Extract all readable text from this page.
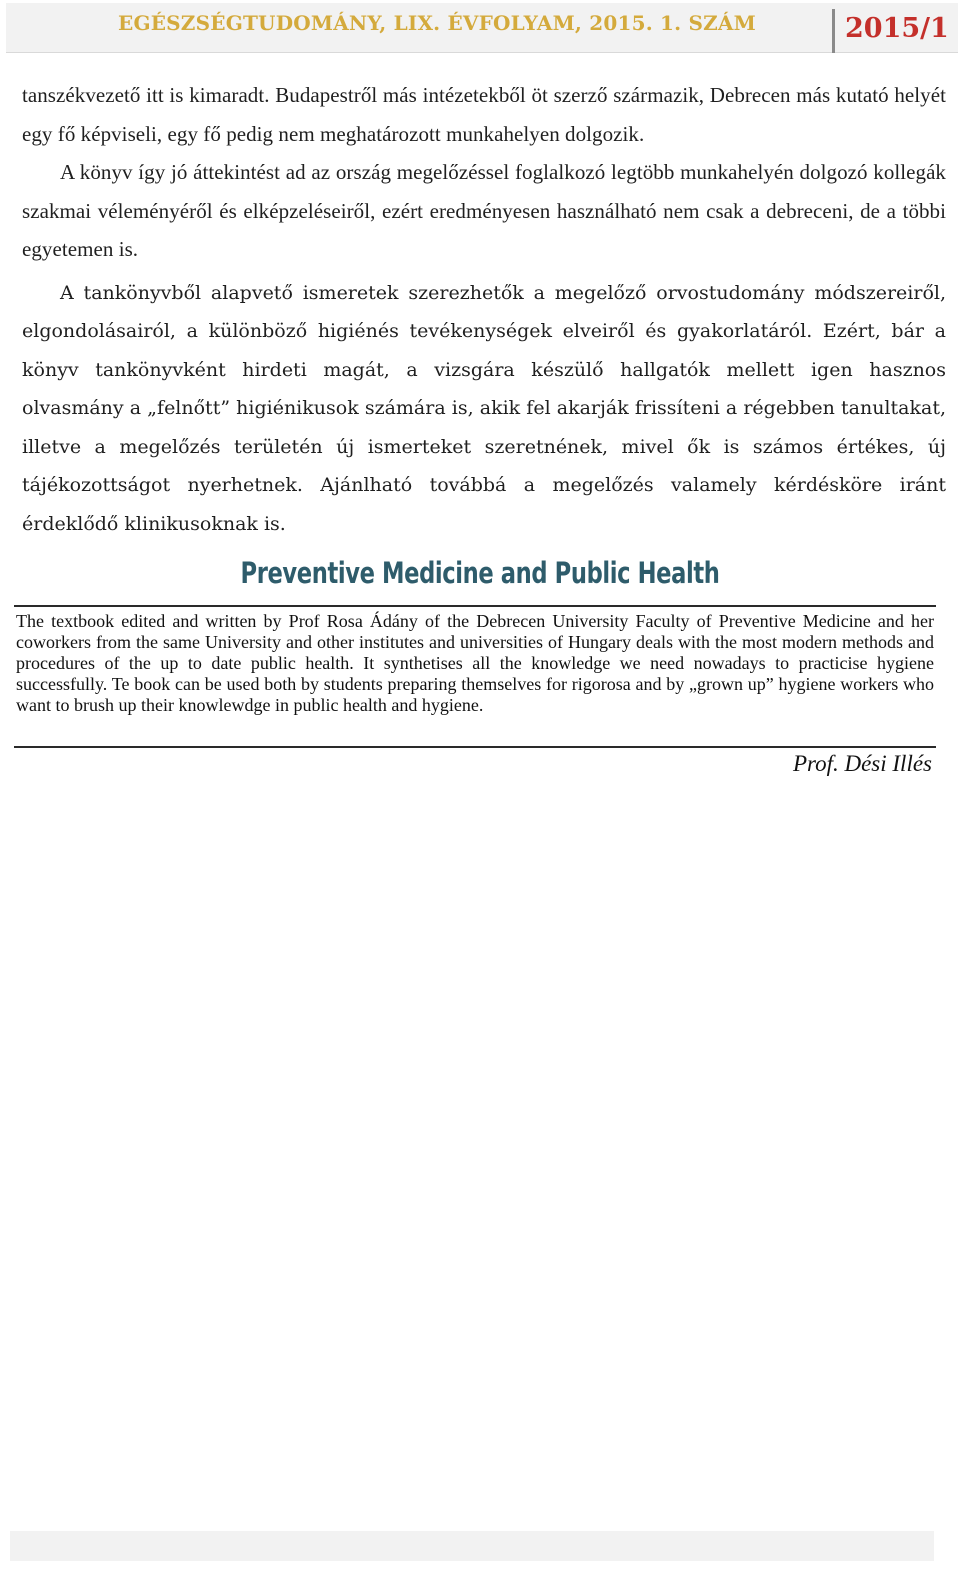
EGÉSZSÉGTUDOMÁNY, LIX. ÉVFOLYAM, 2015. 1. SZÁM	2015/1

tanszékvezető itt is kimaradt. Budapestről más intézetekből öt szerző származik, Debrecen más kutató helyét egy fő képviseli, egy fő pedig nem meghatározott munkahelyen dolgozik.

A könyv így jó áttekintést ad az ország megelőzéssel foglalkozó legtöbb munkahelyén dolgozó kollegák szakmai véleményéről és elképzeléseiről, ezért eredményesen használható nem csak a debreceni, de a többi egyetemen is.

A tankönyvből alapvető ismeretek szerezhetők a megelőző orvostudomány módszereiről, elgondolásairól, a különböző higiénés tevékenységek elveiről és gyakorlatáról. Ezért, bár a könyv tankönyvként hirdeti magát, a vizsgára készülő hallgatók mellett igen hasznos olvasmány a „felnőtt” higiénikusok számára is, akik fel akarják frissíteni a régebben tanultakat, illetve a megelőzés területén új ismerteket szeretnének, mivel ők is számos értékes, új tájékozottságot nyerhetnek. Ajánlható továbbá a megelőzés valamely kérdésköre iránt érdeklődő klinikusoknak is.

Preventive Medicine and Public Health
The textbook edited and written by Prof Rosa Ádány of the Debrecen University Faculty of Preventive Medicine and her coworkers from the same University and other institutes and universities of Hungary deals with the most modern methods and procedures of the up to date public health. It synthetises all the knowledge we need nowadays to practicise hygiene successfully. Te book can be used both by students preparing themselves for rigorosa and by „grown up” hygiene workers who want to brush up their knowlewdge in public health and hygiene.
Prof. Dési Illés
